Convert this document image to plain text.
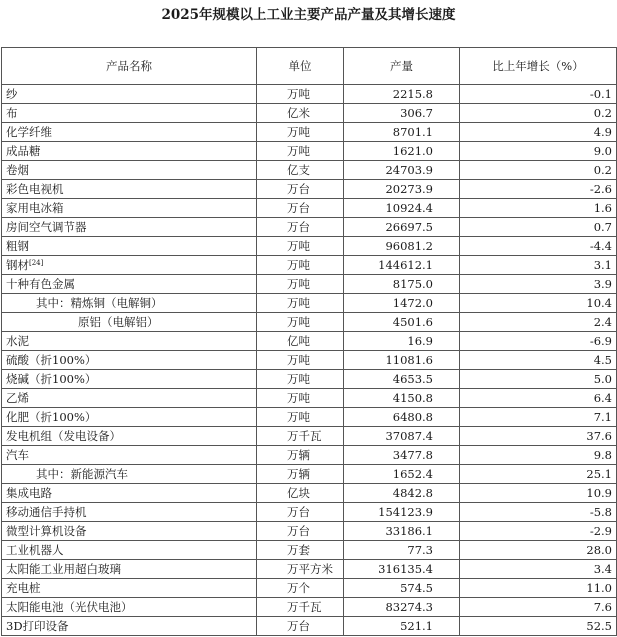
2025年规模以上工业主要产品产量及其增长速度
产品名称	单位	产量	比上年增长（%）
纱	万吨	2215.8	-0.1
布	亿米	306.7	0.2
化学纤维	万吨	8701.1	4.9
成品糖	万吨	1621.0	9.0
卷烟	亿支	24703.9	0.2
彩色电视机	万台	20273.9	-2.6
家用电冰箱	万台	10924.4	1.6
房间空气调节器	万台	26697.5	0.7
粗钢	万吨	96081.2	-4.4
钢材[24]	万吨	144612.1	3.1
十种有色金属	万吨	8175.0	3.9
其中：精炼铜（电解铜）	万吨	1472.0	10.4
原铝（电解铝）	万吨	4501.6	2.4
水泥	亿吨	16.9	-6.9
硫酸（折100%）	万吨	11081.6	4.5
烧碱（折100%）	万吨	4653.5	5.0
乙烯	万吨	4150.8	6.4
化肥（折100%）	万吨	6480.8	7.1
发电机组（发电设备）	万千瓦	37087.4	37.6
汽车	万辆	3477.8	9.8
其中：新能源汽车	万辆	1652.4	25.1
集成电路	亿块	4842.8	10.9
移动通信手持机	万台	154123.9	-5.8
微型计算机设备	万台	33186.1	-2.9
工业机器人	万套	77.3	28.0
太阳能工业用超白玻璃	万平方米	316135.4	3.4
充电桩	万个	574.5	11.0
太阳能电池（光伏电池）	万千瓦	83274.3	7.6
3D打印设备	万台	521.1	52.5
